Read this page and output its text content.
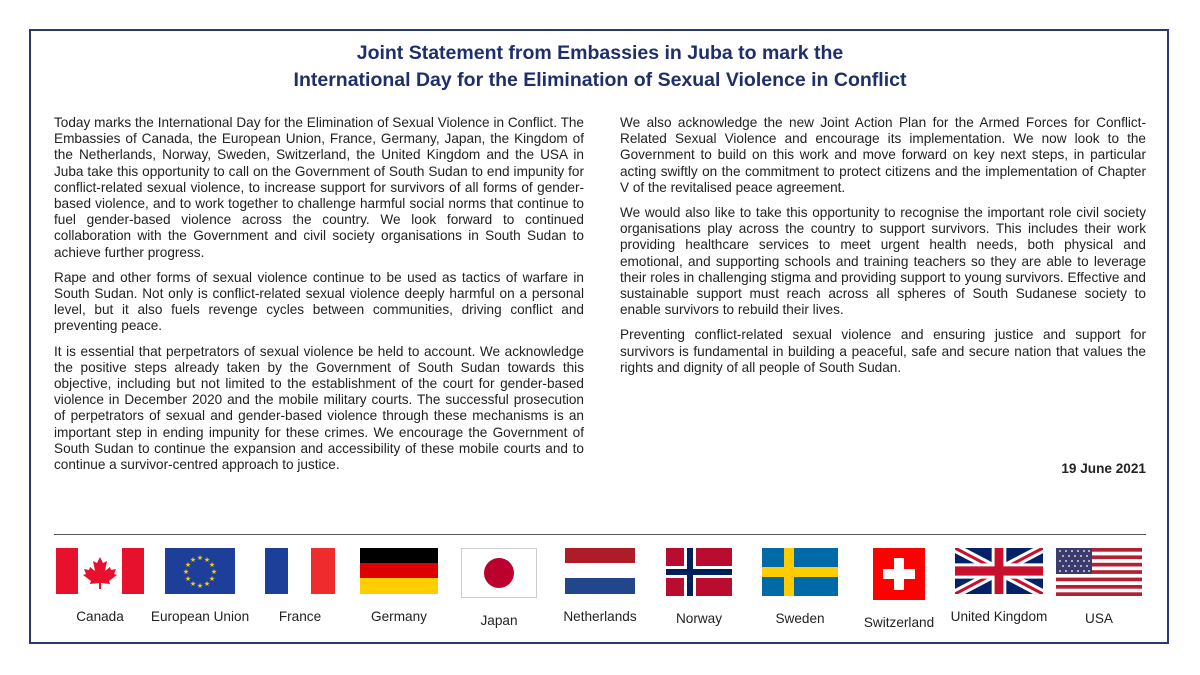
Joint Statement from Embassies in Juba to mark the
International Day for the Elimination of Sexual Violence in Conflict

Today marks the International Day for the Elimination of Sexual Violence in Conflict. The Embassies of Canada, the European Union, France, Germany, Japan, the Kingdom of the Netherlands, Norway, Sweden, Switzerland, the United Kingdom and the USA in Juba take this opportunity to call on the Government of South Sudan to end impunity for conflict-related sexual violence, to increase support for survivors of all forms of gender-based violence, and to work together to challenge harmful social norms that continue to fuel gender-based violence across the country. We look forward to continued collaboration with the Government and civil society organisations in South Sudan to achieve further progress.

Rape and other forms of sexual violence continue to be used as tactics of warfare in South Sudan. Not only is conflict-related sexual violence deeply harmful on a personal level, but it also fuels revenge cycles between communities, driving conflict and preventing peace.

It is essential that perpetrators of sexual violence be held to account. We acknowledge the positive steps already taken by the Government of South Sudan towards this objective, including but not limited to the establishment of the court for gender-based violence in December 2020 and the mobile military courts. The successful prosecution of perpetrators of sexual and gender-based violence through these mechanisms is an important step in ending impunity for these crimes. We encourage the Government of South Sudan to continue the expansion and accessibility of these mobile courts and to continue a survivor-centred approach to justice.

We also acknowledge the new Joint Action Plan for the Armed Forces for Conflict-Related Sexual Violence and encourage its implementation. We now look to the Government to build on this work and move forward on key next steps, in particular acting swiftly on the commitment to protect citizens and the implementation of Chapter V of the revitalised peace agreement.

We would also like to take this opportunity to recognise the important role civil society organisations play across the country to support survivors. This includes their work providing healthcare services to meet urgent health needs, both physical and emotional, and supporting schools and training teachers so they are able to leverage their roles in challenging stigma and providing support to young survivors. Effective and sustainable support must reach across all spheres of South Sudanese society to enable survivors to rebuild their lives.

Preventing conflict-related sexual violence and ensuring justice and support for survivors is fundamental in building a peaceful, safe and secure nation that values the rights and dignity of all people of South Sudan.

19 June 2021
Canada
★ ★
★
★
★
★
★
★
★
★
★
★
European Union	France	Germany	Japan	Netherlands	Norway	Sweden	Switzerland	United Kingdom	USA
